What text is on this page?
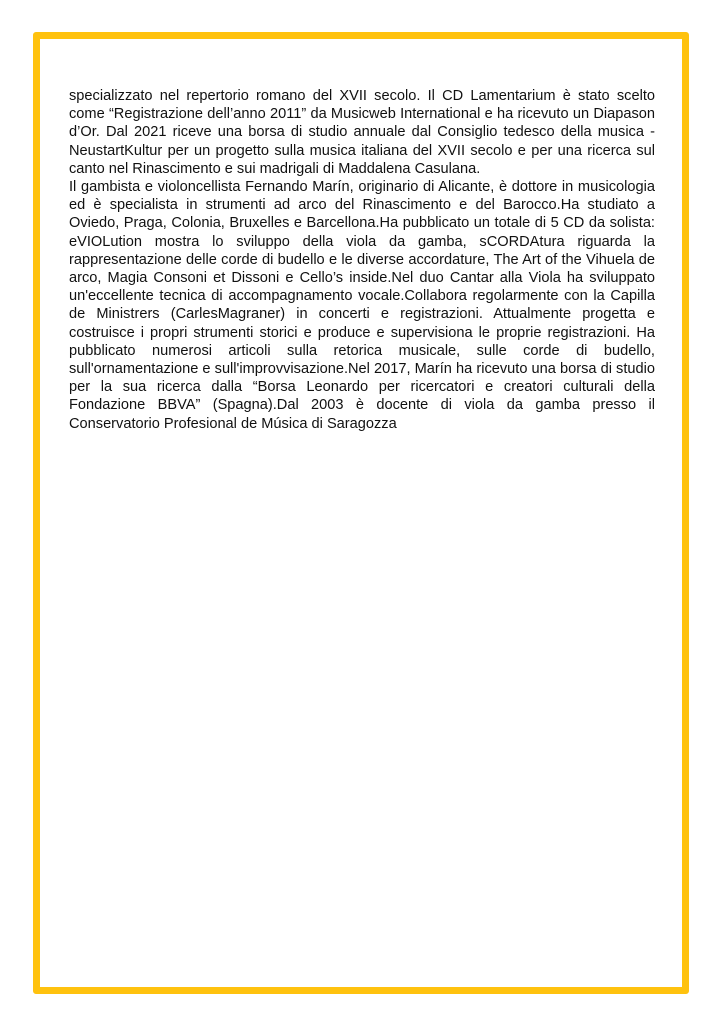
specializzato nel repertorio romano del XVII secolo. Il CD Lamentarium è stato scelto come “Registrazione dell’anno 2011” da Musicweb International e ha ricevuto un Diapason d’Or. Dal 2021 riceve una borsa di studio annuale dal Consiglio tedesco della musica - NeustartKultur per un progetto sulla musica italiana del XVII secolo e per una ricerca sul canto nel Rinascimento e sui madrigali di Maddalena Casulana.

Il gambista e violoncellista Fernando Marín, originario di Alicante, è dottore in musicologia ed è specialista in strumenti ad arco del Rinascimento e del Barocco.Ha studiato a Oviedo, Praga, Colonia, Bruxelles e Barcellona.Ha pubblicato un totale di 5 CD da solista: eVIOLution mostra lo sviluppo della viola da gamba, sCORDAtura riguarda la rappresentazione delle corde di budello e le diverse accordature, The Art of the Vihuela de arco, Magia Consoni et Dissoni e Cello’s inside.Nel duo Cantar alla Viola ha sviluppato un'eccellente tecnica di accompagnamento vocale.Collabora regolarmente con la Capilla de Ministrers (CarlesMagraner) in concerti e registrazioni. Attualmente progetta e costruisce i propri strumenti storici e produce e supervisiona le proprie registrazioni. Ha pubblicato numerosi articoli sulla retorica musicale, sulle corde di budello, sull'ornamentazione e sull'improvvisazione.Nel 2017, Marín ha ricevuto una borsa di studio per la sua ricerca dalla “Borsa Leonardo per ricercatori e creatori culturali della Fondazione BBVA” (Spagna).Dal 2003 è docente di viola da gamba presso il Conservatorio Profesional de Música di Saragozza
